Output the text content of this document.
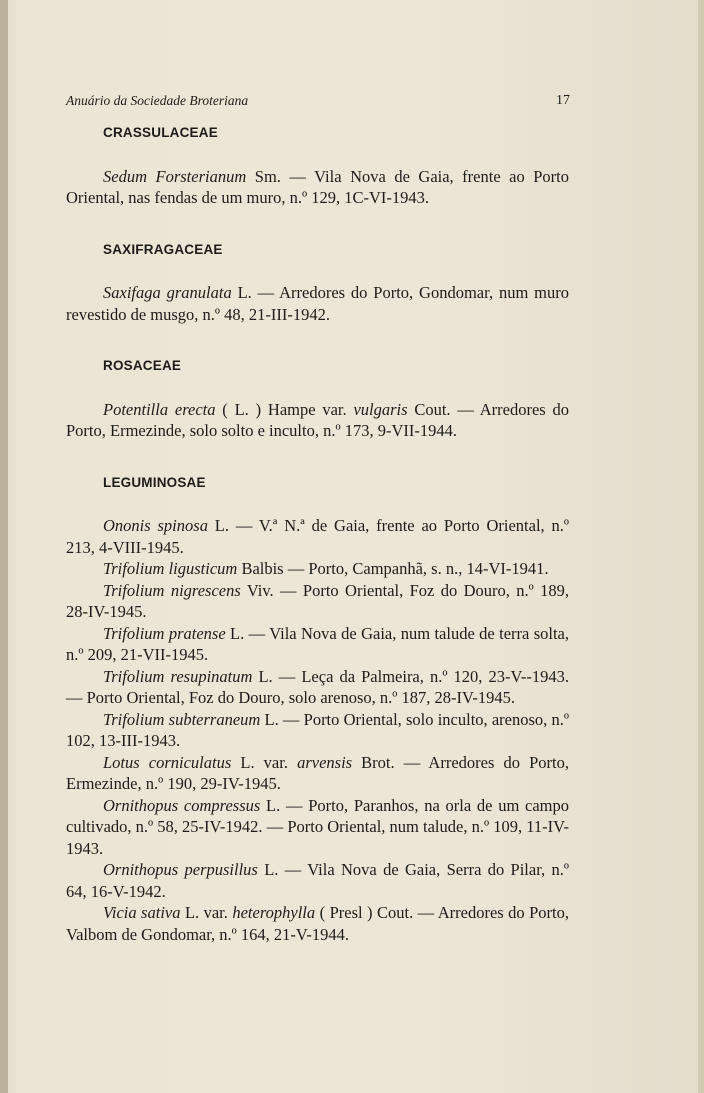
Anuário da Sociedade Broteriana	17
CRASSULACEAE

Sedum Forsterianum Sm. — Vila Nova de Gaia, frente ao Porto Oriental, nas fendas de um muro, n.º 129, 1C-VI-1943.

SAXIFRAGACEAE

Saxifaga granulata L. — Arredores do Porto, Gondomar, num muro revestido de musgo, n.º 48, 21-III-1942.

ROSACEAE

Potentilla erecta ( L. ) Hampe var. vulgaris Cout. — Arredores do Porto, Ermezinde, solo solto e inculto, n.º 173, 9-VII-1944.

LEGUMINOSAE

Ononis spinosa L. — V.ª N.ª de Gaia, frente ao Porto Oriental, n.º 213, 4-VIII-1945.

Trifolium ligusticum Balbis — Porto, Campanhã, s. n., 14-VI-1941.

Trifolium nigrescens Viv. — Porto Oriental, Foz do Douro, n.º 189, 28-IV-1945.

Trifolium pratense L. — Vila Nova de Gaia, num talude de terra solta, n.º 209, 21-VII-1945.

Trifolium resupinatum L. — Leça da Palmeira, n.º 120, 23-V--1943. — Porto Oriental, Foz do Douro, solo arenoso, n.º 187, 28-IV-1945.

Trifolium subterraneum L. — Porto Oriental, solo inculto, arenoso, n.º 102, 13-III-1943.

Lotus corniculatus L. var. arvensis Brot. — Arredores do Porto, Ermezinde, n.º 190, 29-IV-1945.

Ornithopus compressus L. — Porto, Paranhos, na orla de um campo cultivado, n.º 58, 25-IV-1942. — Porto Oriental, num talude, n.º 109, 11-IV-1943.

Ornithopus perpusillus L. — Vila Nova de Gaia, Serra do Pilar, n.º 64, 16-V-1942.

Vicia sativa L. var. heterophylla ( Presl ) Cout. — Arredores do Porto, Valbom de Gondomar, n.º 164, 21-V-1944.
